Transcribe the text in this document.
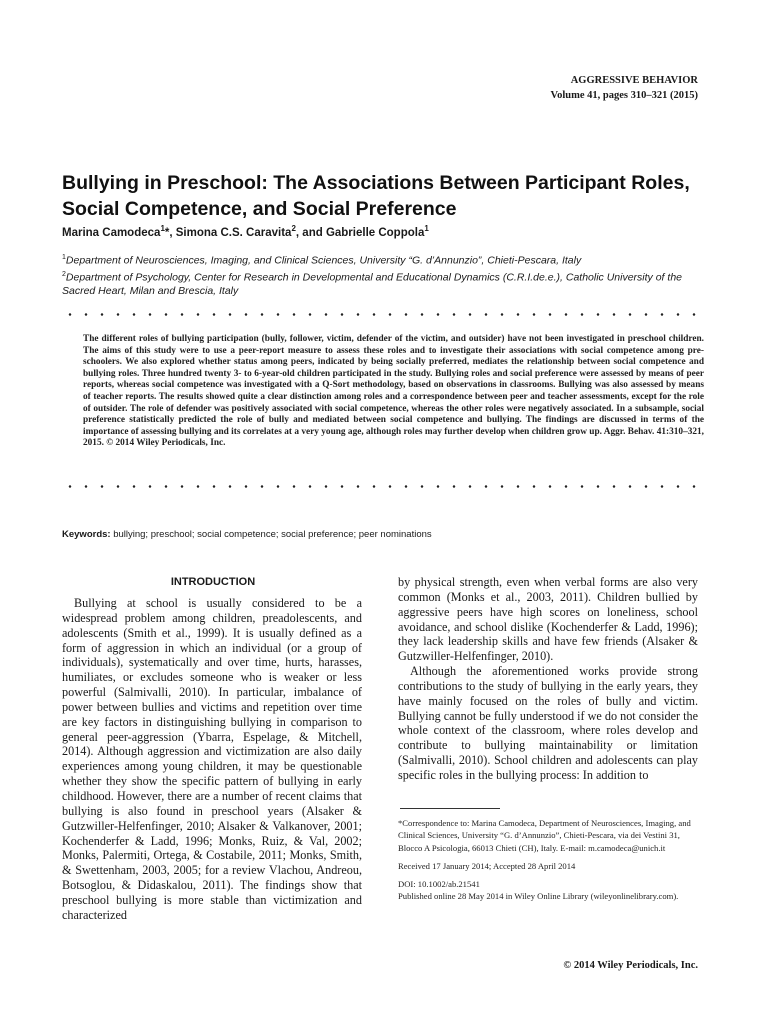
AGGRESSIVE BEHAVIOR
Volume 41, pages 310–321 (2015)
Bullying in Preschool: The Associations Between Participant Roles, Social Competence, and Social Preference
Marina Camodeca$^1$*, Simona C.S. Caravita$^2$, and Gabrielle Coppola$^1$
$^1$Department of Neurosciences, Imaging, and Clinical Sciences, University “G. d’Annunzio”, Chieti-Pescara, Italy
$^2$Department of Psychology, Center for Research in Developmental and Educational Dynamics (C.R.I.de.e.), Catholic University of the Sacred Heart, Milan and Brescia, Italy
The different roles of bullying participation (bully, follower, victim, defender of the victim, and outsider) have not been investigated in preschool children. The aims of this study were to use a peer-report measure to assess these roles and to investigate their associations with social competence among pre-schoolers. We also explored whether status among peers, indicated by being socially preferred, mediates the relationship between social competence and bullying roles. Three hundred twenty 3- to 6-year-old children participated in the study. Bullying roles and social preference were assessed by means of peer reports, whereas social competence was investigated with a Q-Sort methodology, based on observations in classrooms. Bullying was also assessed by means of teacher reports. The results showed quite a clear distinction among roles and a correspondence between peer and teacher assessments, except for the role of outsider. The role of defender was positively associated with social competence, whereas the other roles were negatively associated. In a subsample, social preference statistically predicted the role of bully and mediated between social competence and bullying. The findings are discussed in terms of the importance of assessing bullying and its correlates at a very young age, although roles may further develop when children grow up. Aggr. Behav. 41:310–321, 2015. © 2014 Wiley Periodicals, Inc.
Keywords: bullying; preschool; social competence; social preference; peer nominations
INTRODUCTION

Bullying at school is usually considered to be a widespread problem among children, preadolescents, and adolescents (Smith et al., 1999). It is usually defined as a form of aggression in which an individual (or a group of individuals), systematically and over time, hurts, harasses, humiliates, or excludes someone who is weaker or less powerful (Salmivalli, 2010). In particular, imbalance of power between bullies and victims and repetition over time are key factors in distinguishing bullying in comparison to general peer-aggression (Ybarra, Espelage, & Mitchell, 2014). Although aggression and victimization are also daily experiences among young children, it may be questionable whether they show the specific pattern of bullying in early childhood. However, there are a number of recent claims that bullying is also found in preschool years (Alsaker & Gutzwiller-Helfenfinger, 2010; Alsaker & Valkanover, 2001; Kochenderfer & Ladd, 1996; Monks, Ruiz, & Val, 2002; Monks, Palermiti, Ortega, & Costabile, 2011; Monks, Smith, & Swettenham, 2003, 2005; for a review Vlachou, Andreou, Botsoglou, & Didaskalou, 2011). The findings show that preschool bullying is more stable than victimization and characterized

by physical strength, even when verbal forms are also very common (Monks et al., 2003, 2011). Children bullied by aggressive peers have high scores on loneliness, school avoidance, and school dislike (Kochenderfer & Ladd, 1996); they lack leadership skills and have few friends (Alsaker & Gutzwiller-Helfenfinger, 2010).

Although the aforementioned works provide strong contributions to the study of bullying in the early years, they have mainly focused on the roles of bully and victim. Bullying cannot be fully understood if we do not consider the whole context of the classroom, where roles develop and contribute to bullying maintainability or limitation (Salmivalli, 2010). School children and adolescents can play specific roles in the bullying process: In addition to

*Correspondence to: Marina Camodeca, Department of Neurosciences, Imaging, and Clinical Sciences, University “G. d’Annunzio”, Chieti-Pescara, via dei Vestini 31, Blocco A Psicologia, 66013 Chieti (CH), Italy. E-mail: m.camodeca@unich.it

Received 17 January 2014; Accepted 28 April 2014

DOI: 10.1002/ab.21541

Published online 28 May 2014 in Wiley Online Library (wileyonlinelibrary.com).

© 2014 Wiley Periodicals, Inc.
